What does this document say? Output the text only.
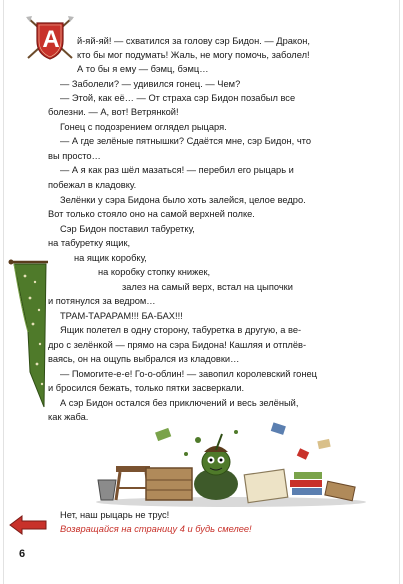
А й-яй-яй! — схватился за голову сэр Бидон. — Дракон,
кто бы мог подумать! Жаль, не могу помочь, заболел!
А то бы я ему — бэмц, бэмц…
— Заболели? — удивился гонец. — Чем?
— Этой, как её… — От страха сэр Бидон позабыл все
болезни. — А, вот! Ветрянкой!
Гонец с подозрением оглядел рыцаря.
— А где зелёные пятнышки? Сдаётся мне, сэр Бидон, что
вы просто…
— А я как раз шёл мазаться! — перебил его рыцарь и
побежал в кладовку.
Зелёнки у сэра Бидона было хоть залейся, целое ведро.
Вот только стояло оно на самой верхней полке.
Сэр Бидон поставил табуретку,
на табуретку ящик,
на ящик коробку,
на коробку стопку книжек,
залез на самый верх, встал на цыпочки
и потянулся за ведром…
ТРАМ-ТАРАРАМ!!! БА-БАХ!!!
Ящик полетел в одну сторону, табуретка в другую, а ве-
дро с зелёнкой — прямо на сэра Бидона! Кашляя и отплёв-
ваясь, он на ощупь выбрался из кладовки…
— Помогите-е-е! Го-о-облин! — завопил королевский гонец
и бросился бежать, только пятки засверкали.
А сэр Бидон остался без приключений и весь зелёный,
как жаба.
Нет, наш рыцарь не трус!
Возвращайся на страницу 4 и будь смелее!
6
